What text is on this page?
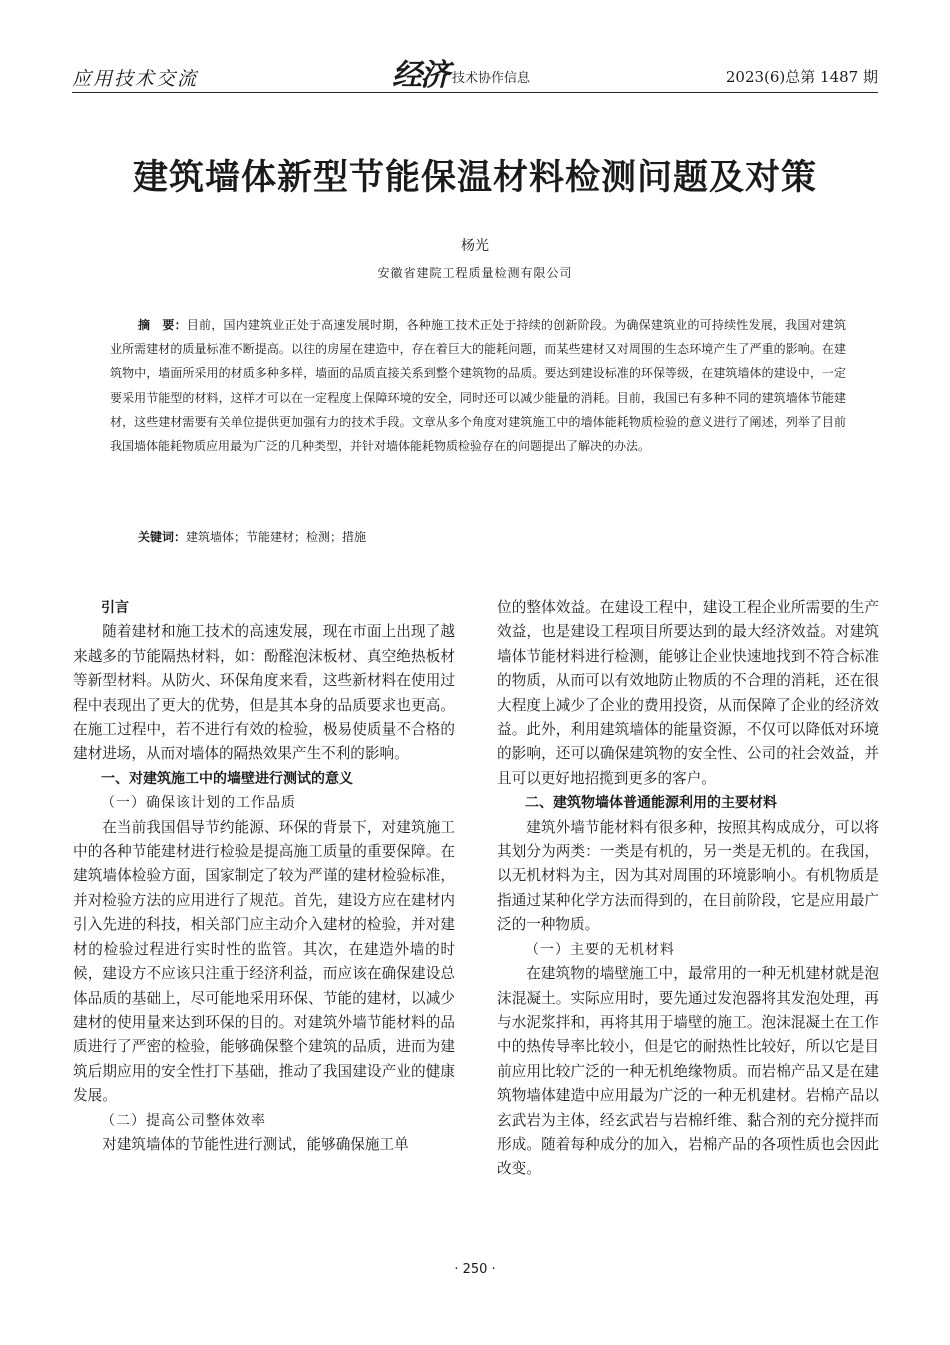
应用技术交流	经济 技术协作信息	2023(6)总第 1487 期
建筑墙体新型节能保温材料检测问题及对策
杨光
安徽省建院工程质量检测有限公司
摘　要：目前，国内建筑业正处于高速发展时期，各种施工技术正处于持续的创新阶段。为确保建筑业的可持续性发展，我国对建筑业所需建材的质量标准不断提高。以往的房屋在建造中，存在着巨大的能耗问题，而某些建材又对周围的生态环境产生了严重的影响。在建筑物中，墙面所采用的材质多种多样，墙面的品质直接关系到整个建筑物的品质。要达到建设标准的环保等级，在建筑墙体的建设中，一定要采用节能型的材料，这样才可以在一定程度上保障环境的安全，同时还可以减少能量的消耗。目前，我国已有多种不同的建筑墙体节能建材，这些建材需要有关单位提供更加强有力的技术手段。文章从多个角度对建筑施工中的墙体能耗物质检验的意义进行了阐述，列举了目前我国墙体能耗物质应用最为广泛的几种类型，并针对墙体能耗物质检验存在的问题提出了解决的办法。
关键词：建筑墙体；节能建材；检测；措施
引言

随着建材和施工技术的高速发展，现在市面上出现了越来越多的节能隔热材料，如：酚醛泡沫板材、真空绝热板材等新型材料。从防火、环保角度来看，这些新材料在使用过程中表现出了更大的优势，但是其本身的品质要求也更高。在施工过程中，若不进行有效的检验，极易使质量不合格的建材进场，从而对墙体的隔热效果产生不利的影响。

一、对建筑施工中的墙壁进行测试的意义
（一）确保该计划的工作品质

在当前我国倡导节约能源、环保的背景下，对建筑施工中的各种节能建材进行检验是提高施工质量的重要保障。在建筑墙体检验方面，国家制定了较为严谨的建材检验标准，并对检验方法的应用进行了规范。首先，建设方应在建材内引入先进的科技，相关部门应主动介入建材的检验，并对建材的检验过程进行实时性的监管。其次，在建造外墙的时候，建设方不应该只注重于经济利益，而应该在确保建设总体品质的基础上，尽可能地采用环保、节能的建材，以减少建材的使用量来达到环保的目的。对建筑外墙节能材料的品质进行了严密的检验，能够确保整个建筑的品质，进而为建筑后期应用的安全性打下基础，推动了我国建设产业的健康发展。

（二）提高公司整体效率

对建筑墙体的节能性进行测试，能够确保施工单

位的整体效益。在建设工程中，建设工程企业所需要的生产效益，也是建设工程项目所要达到的最大经济效益。对建筑墙体节能材料进行检测，能够让企业快速地找到不符合标准的物质，从而可以有效地防止物质的不合理的消耗，还在很大程度上减少了企业的费用投资，从而保障了企业的经济效益。此外，利用建筑墙体的能量资源，不仅可以降低对环境的影响，还可以确保建筑物的安全性、公司的社会效益，并且可以更好地招揽到更多的客户。

二、建筑物墙体普通能源利用的主要材料

建筑外墙节能材料有很多种，按照其构成成分，可以将其划分为两类：一类是有机的，另一类是无机的。在我国，以无机材料为主，因为其对周围的环境影响小。有机物质是指通过某种化学方法而得到的，在目前阶段，它是应用最广泛的一种物质。

（一）主要的无机材料

在建筑物的墙壁施工中，最常用的一种无机建材就是泡沫混凝土。实际应用时，要先通过发泡器将其发泡处理，再与水泥浆拌和，再将其用于墙壁的施工。泡沫混凝土在工作中的热传导率比较小，但是它的耐热性比较好，所以它是目前应用比较广泛的一种无机绝缘物质。而岩棉产品又是在建筑物墙体建造中应用最为广泛的一种无机建材。岩棉产品以玄武岩为主体，经玄武岩与岩棉纤维、黏合剂的充分搅拌而形成。随着每种成分的加入，岩棉产品的各项性质也会因此改变。

· 250 ·
